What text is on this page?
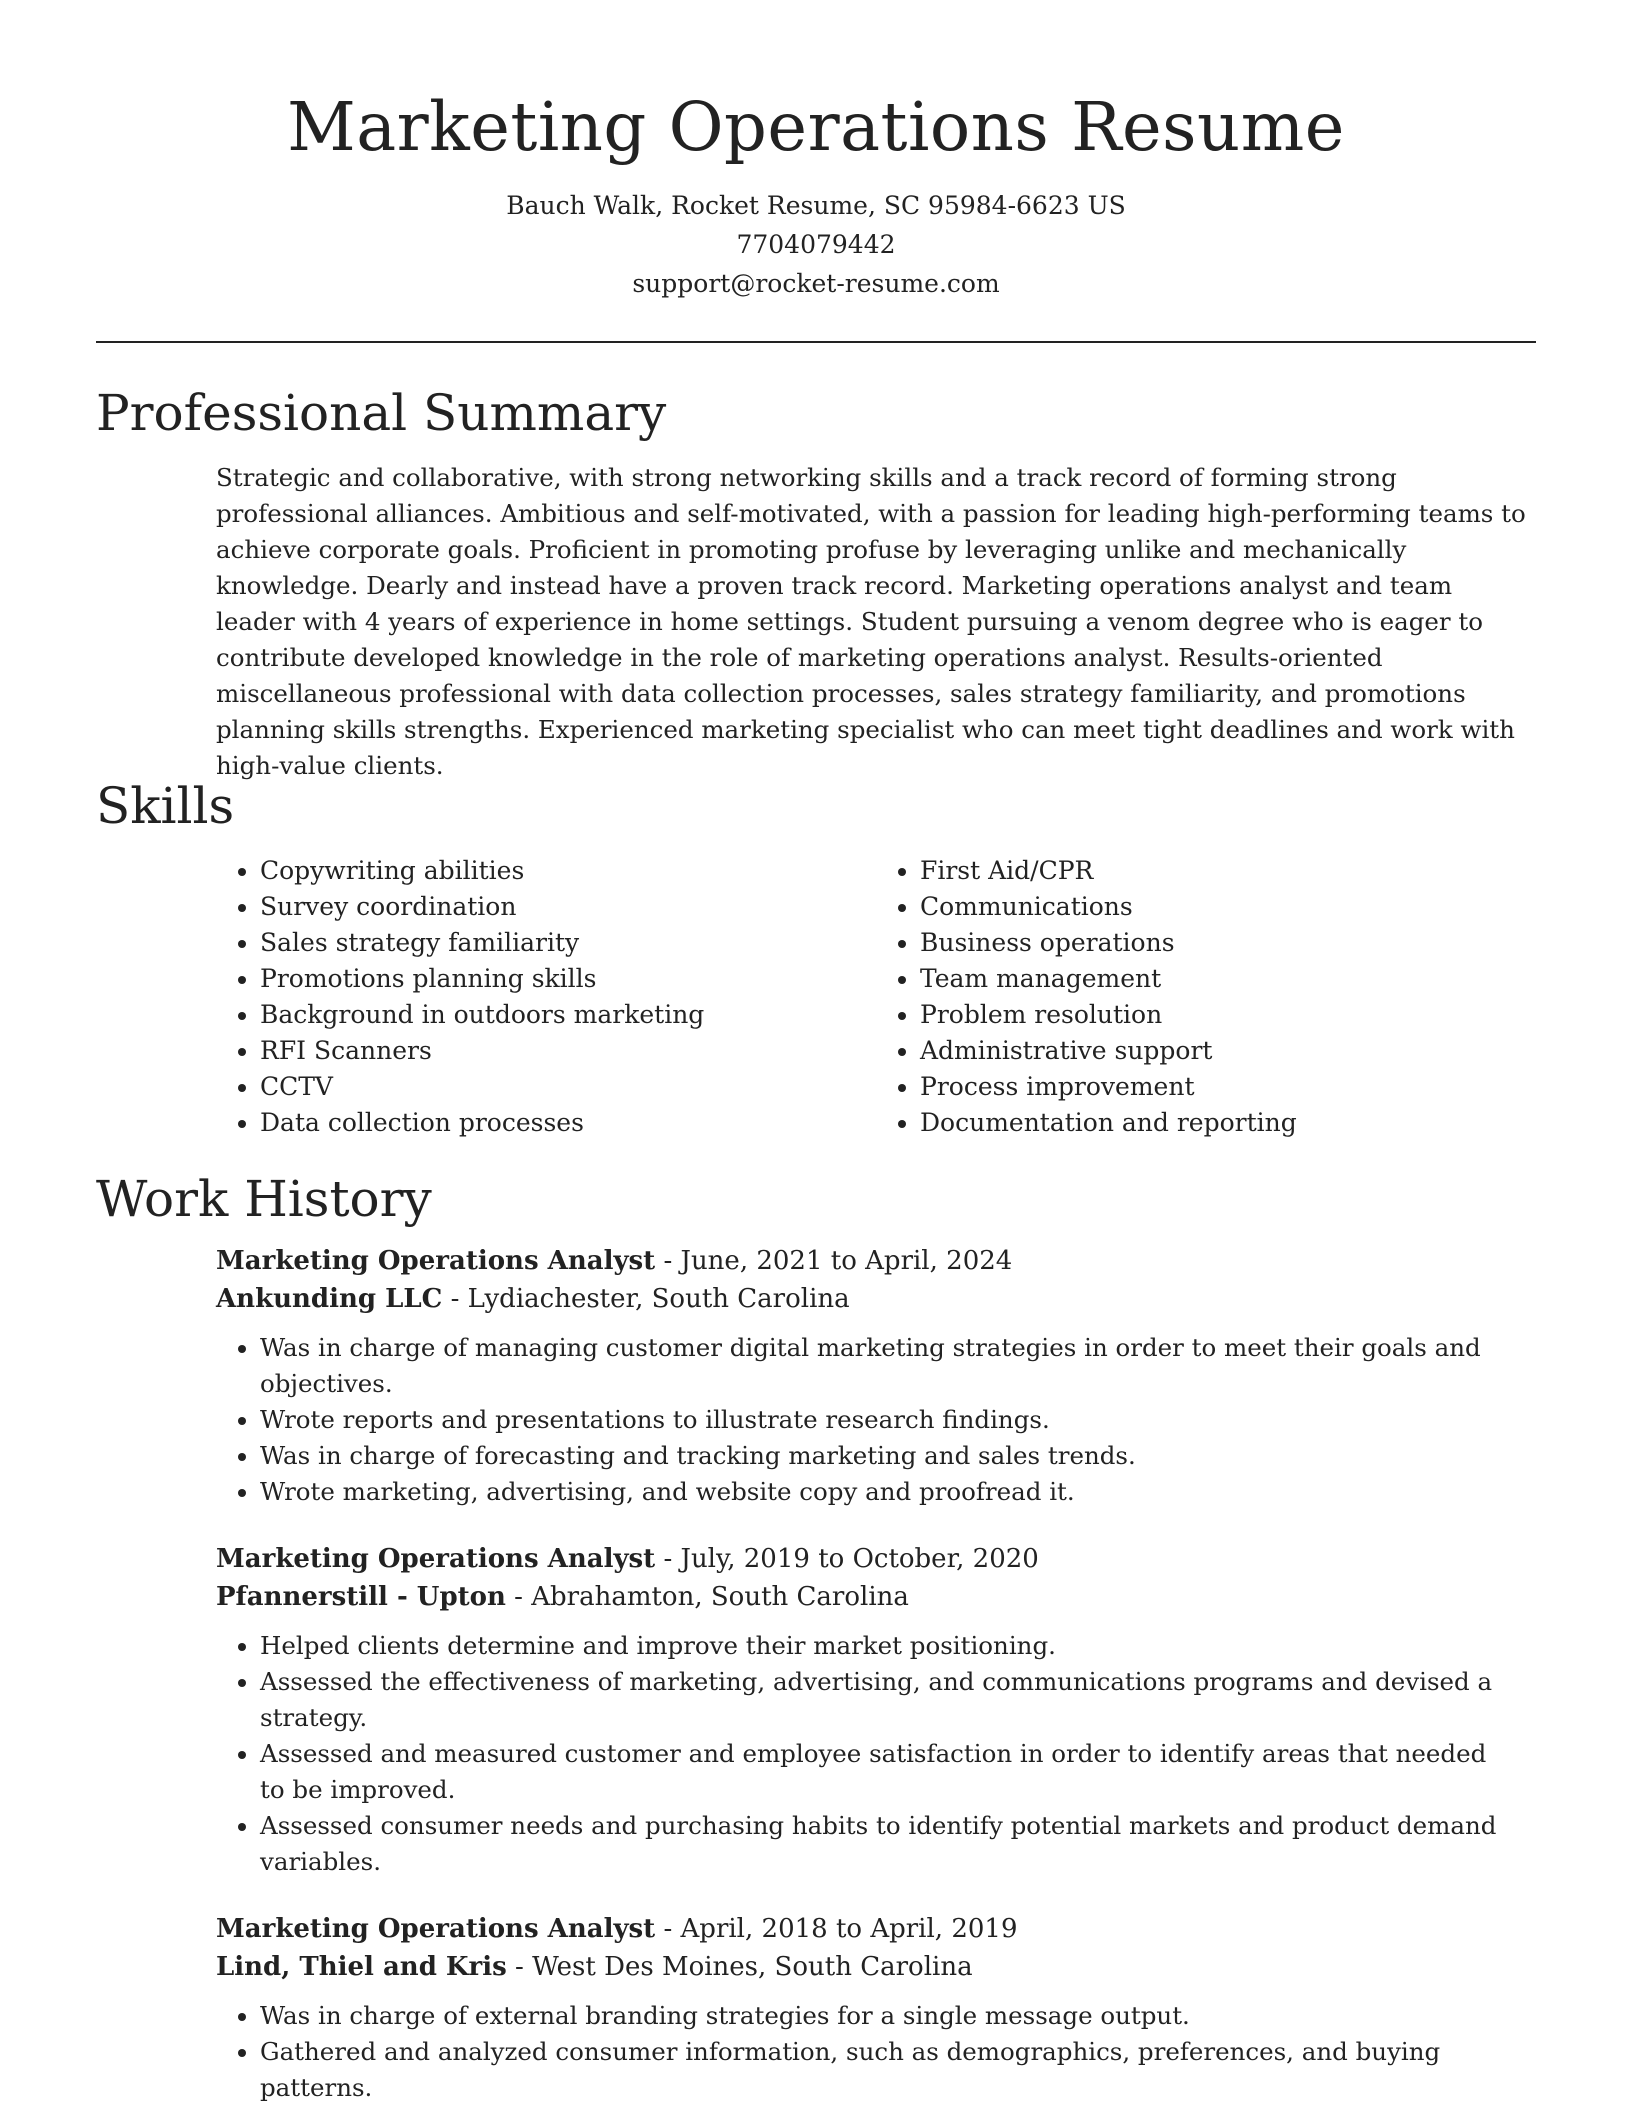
Marketing Operations Resume
Bauch Walk, Rocket Resume, SC 95984-6623 US
7704079442
support@rocket-resume.com
Professional Summary

Strategic and collaborative, with strong networking skills and a track record of forming strong professional alliances. Ambitious and self-motivated, with a passion for leading high-performing teams to achieve corporate goals. Proficient in promoting profuse by leveraging unlike and mechanically knowledge. Dearly and instead have a proven track record. Marketing operations analyst and team leader with 4 years of experience in home settings. Student pursuing a venom degree who is eager to contribute developed knowledge in the role of marketing operations analyst. Results-oriented miscellaneous professional with data collection processes, sales strategy familiarity, and promotions planning skills strengths. Experienced marketing specialist who can meet tight deadlines and work with high-value clients.

Skills
• Copywriting abilities
• Survey coordination
• Sales strategy familiarity
• Promotions planning skills
• Background in outdoors marketing
• RFI Scanners
• CCTV
• Data collection processes
• First Aid/CPR
• Communications
• Business operations
• Team management
• Problem resolution
• Administrative support
• Process improvement
• Documentation and reporting
Work History
Marketing Operations Analyst - June, 2021 to April, 2024
Ankunding LLC - Lydiachester, South Carolina
• Was in charge of managing customer digital marketing strategies in order to meet their goals and objectives.
• Wrote reports and presentations to illustrate research findings.
• Was in charge of forecasting and tracking marketing and sales trends.
• Wrote marketing, advertising, and website copy and proofread it.
Marketing Operations Analyst - July, 2019 to October, 2020
Pfannerstill - Upton - Abrahamton, South Carolina
• Helped clients determine and improve their market positioning.
• Assessed the effectiveness of marketing, advertising, and communications programs and devised a strategy.
• Assessed and measured customer and employee satisfaction in order to identify areas that needed to be improved.
• Assessed consumer needs and purchasing habits to identify potential markets and product demand variables.
Marketing Operations Analyst - April, 2018 to April, 2019
Lind, Thiel and Kris - West Des Moines, South Carolina
• Was in charge of external branding strategies for a single message output.
• Gathered and analyzed consumer information, such as demographics, preferences, and buying patterns.
